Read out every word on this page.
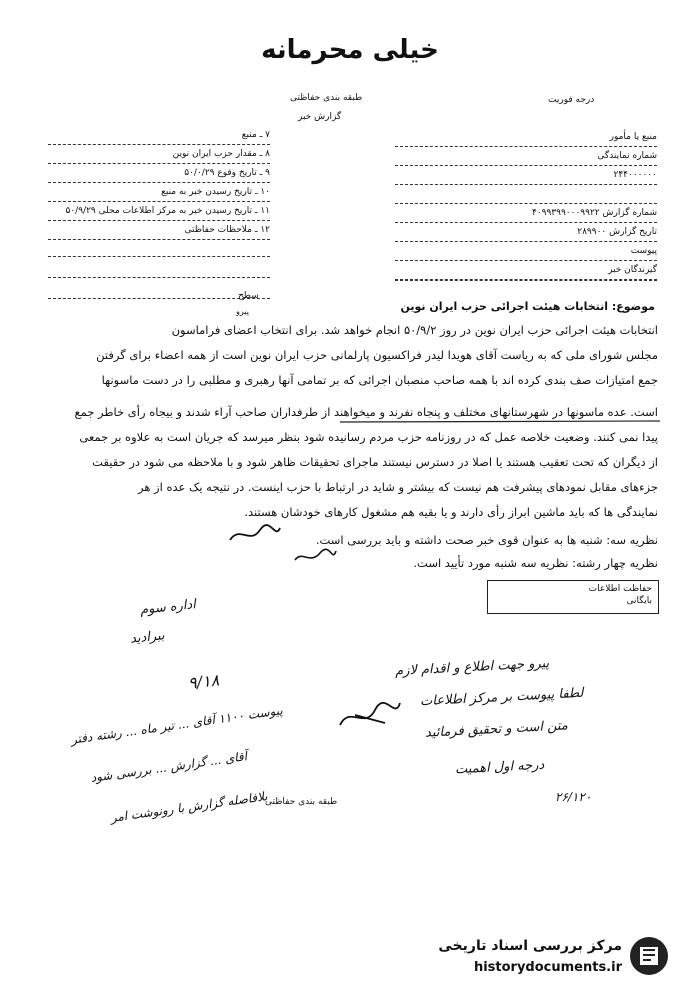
خیلی محرمانه
طبقه بندی حفاظتی
گزارش خبر
درجه فوریت
منبع یا مأمور
شماره نمایندگی
۲۴۴۰۰۰۰۰۰
شماره گزارش ۴۰۹۹۳۹۹۰۰۰۹۹۲۲
تاریخ گزارش ۲۸۹۹۰۰
پیوست
گیرندگان خبر
۷ ـ منبع
۸ ـ مقدار حزب ایران نوین
۹ ـ تاریخ وقوع ۵۰/۰/۲۹
۱۰ ـ تاریخ رسیدن خبر به منبع
۱۱ ـ تاریخ رسیدن خبر به مرکز اطلاعات محلی ۵۰/۹/۲۹
۱۲ ـ ملاحظات حفاظتی
موضوع: انتخابات هیئت اجرائی حزب ایران نوین
سطح
پیرو
انتخابات هیئت اجرائی حزب ایران نوین در روز ۵۰/۹/۲ انجام خواهد شد. برای انتخاب اعضای فراماسون
مجلس شورای ملی که به ریاست آقای هویدا لیدر فراکسیون پارلمانی حزب ایران نوین است از همه اعضاء برای گرفتن
جمع امتیازات صف بندی کرده اند با همه صاحب منصبان اجرائی که بر تمامی آنها رهبری و مطلبی را در دست ماسونها
است. عده ماسونها در شهرستانهای مختلف و پنجاه نفرند و میخواهند از طرفداران صاحب آراء شدند و بیجاه رأی خاطر جمع
پیدا نمی کنند. وضعیت خلاصه عمل که در روزنامه حزب مردم رسانیده شود بنظر میرسد که جریان است به علاوه بر جمعی
از دیگران که تحت تعقیب هستند یا اصلا در دسترس نیستند ماجرای تحقیقات ظاهر شود و با ملاحظه می شود در حقیقت
جزءهای مقابل نمودهای پیشرفت هم نیست که بیشتر و شاید در ارتباط با حزب اینست. در نتیجه یک عده از هر
نمایندگی ها که باید ماشین ابراز رأی دارند و یا بقیه هم مشغول کارهای خودشان هستند.
نظریه سه: شنبه ها به عنوان قوی خبر صحت داشته و باید بررسی است.
نظریه چهار رشته: نظریه سه شنبه مورد تأیید است.
حفاظت اطلاعات
بایگانی
اداره سوم
ببرادید
۹/۱۸
پیرو جهت اطلاع و اقدام لازم
لطفا پیوست بر مرکز اطلاعات
متن است و تحقیق فرمائید
درجه اول اهمیت
۲۶/۱۲۰
پیوست ۱۱۰۰ آقای ... تیر ماه ... رشته دفتر
آقای ... گزارش ... بررسی شود
بلافاصله گزارش با رونوشت امر
طبقه بندی حفاظتی
مرکز بررسی اسناد تاریخی
historydocuments.ir
